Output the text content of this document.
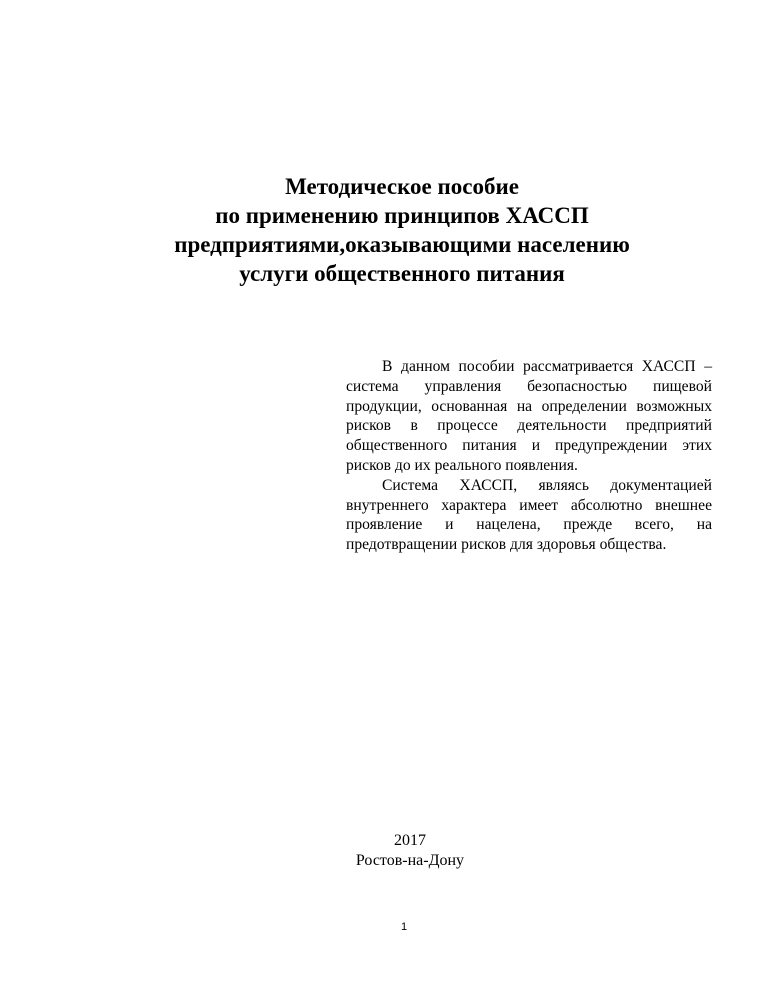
Методическое пособие
по применению принципов ХАССП
предприятиями,оказывающими населению
услуги общественного питания

В данном пособии рассматривается ХАССП – система управления безопасностью пищевой продукции, основанная на определении возможных рисков в процессе деятельности предприятий общественного питания и предупреждении этих рисков до их реального появления.

Система ХАССП, являясь документацией внутреннего характера имеет абсолютно внешнее проявление и нацелена, прежде всего, на предотвращении рисков для здоровья общества.

2017
Ростов-на-Дону
1
